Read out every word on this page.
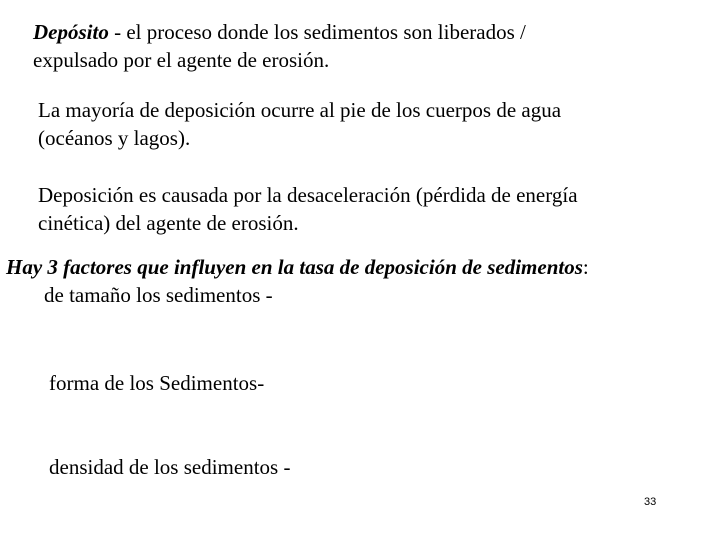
Depósito - el proceso donde los sedimentos son liberados /
expulsado por el agente de erosión.
La mayoría de deposición ocurre al pie de los cuerpos de agua
(océanos y lagos).
Deposición es causada por la desaceleración (pérdida de energía
cinética) del agente de erosión.
Hay 3 factores que influyen en la tasa de deposición de sedimentos:
de tamaño los sedimentos -
forma de los Sedimentos-
densidad de los sedimentos -
33
